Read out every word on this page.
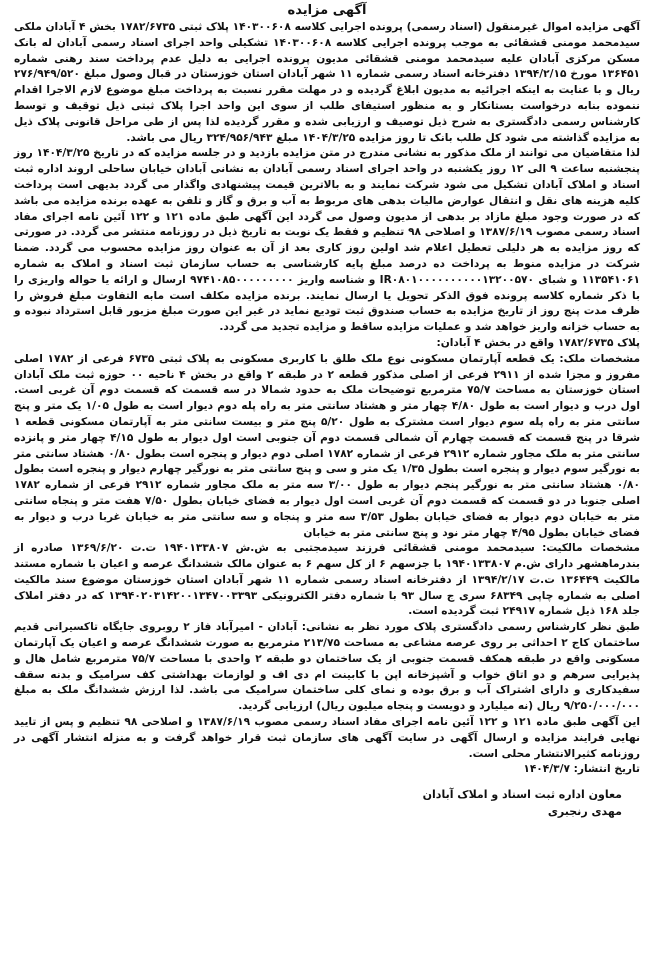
آگهی مزایده

آگهی مزایده اموال غیرمنقول (اسناد رسمی) پرونده اجرایی کلاسه ۱۴۰۳۰۰۶۰۸ پلاک ثبتی ۱۷۸۲/۶۷۳۵ بخش ۴ آبادان ملکی سیدمحمد مومنی قشقائی به موجب پرونده اجرایی کلاسه ۱۴۰۳۰۰۶۰۸ تشکیلی واحد اجرای اسناد رسمی آبادان له بانک مسکن مرکزی آبادان علیه سیدمحمد مومنی قشقائی مدیون پرونده اجرایی به دلیل عدم پرداخت سند رهنی شماره ۱۳۶۴۵۱ مورخ ۱۳۹۴/۲/۱۵ دفترخانه اسناد رسمی شماره ۱۱ شهر آبادان استان خوزستان در قبال وصول مبلغ ۲۷۶/۹۴۹/۵۲۰ ریال و با عنایت به اینکه اجرائیه به مدیون ابلاغ گردیده و در مهلت مقرر نسبت به پرداخت مبلغ موضوع لازم الاجرا اقدام ننموده بنابه درخواست بستانکار و به منظور استیفای طلب از سوی این واحد اجرا پلاک ثبتی ذیل توقیف و توسط کارشناس رسمی دادگستری به شرح ذیل توصیف و ارزیابی شده و مقرر گردیده لذا پس از طی مراحل قانونی پلاک ذیل به مزایده گذاشته می شود کل طلب بانک تا روز مزایده ۱۴۰۴/۳/۲۵ مبلغ ۳۲۴/۹۵۶/۹۴۳ ریال می باشد.

لذا متقاضیان می توانند از ملک مذکور به نشانی مندرج در متن مزایده بازدید و در جلسه مزایده که در تاریخ ۱۴۰۴/۳/۲۵ روز پنجشنبه ساعت ۹ الی ۱۲ روز یکشنبه در واحد اجرای اسناد رسمی آبادان به نشانی آبادان خیابان ساحلی اروند اداره ثبت اسناد و املاک آبادان تشکیل می شود شرکت نمایند و به بالاترین قیمت پیشنهادی واگذار می گردد بدیهی است پرداخت کلیه هزینه های نقل و انتقال عوارض مالیات بدهی های مربوط به آب و برق و گاز و تلفن به عهده برنده مزایده می باشد که در صورت وجود مبلغ مازاد بر بدهی از مدیون وصول می گردد این آگهی طبق ماده ۱۲۱ و ۱۲۲ آئین نامه اجرای مفاد اسناد رسمی مصوب ۱۳۸۷/۶/۱۹ و اصلاحی ۹۸ تنظیم و فقط یک نوبت به تاریخ ذیل در روزنامه منتشر می گردد. در صورتی که روز مزایده به هر دلیلی تعطیل اعلام شد اولین روز کاری بعد از آن به عنوان روز مزایده محسوب می گردد. ضمنا شرکت در مزایده منوط به پرداخت ده درصد مبلغ پایه کارشناسی به حساب سازمان ثبت اسناد و املاک به شماره ۱۱۳۵۴۱۰۶۱ و شبای IR۰۸۰۱۰۰۰۰۰۰۰۰۰۰۱۳۲۰۰۵۷۰ و شناسه واریز ۹۷۴۱۰۸۵۰۰۰۰۰۰۰۰۰ ارسال و ارائه یا حواله واریزی را با ذکر شماره کلاسه پرونده فوق الذکر تحویل یا ارسال نمایند. برنده مزایده مکلف است مابه التفاوت مبلغ فروش را ظرف مدت پنج روز از تاریخ مزایده به حساب صندوق ثبت تودیع نماید در غیر این صورت مبلغ مزبور قابل استرداد نبوده و به حساب خزانه واریز خواهد شد و عملیات مزایده ساقط و مزایده تجدید می گردد.

پلاک ۱۷۸۲/۶۷۳۵ واقع در بخش ۴ آبادان:

مشخصات ملک: یک قطعه آپارتمان مسکونی نوع ملک طلق با کاربری مسکونی به پلاک ثبتی ۶۷۳۵ فرعی از ۱۷۸۲ اصلی مفروز و مجزا شده از ۲۹۱۱ فرعی از اصلی مذکور قطعه ۲ در طبقه ۲ واقع در بخش ۴ ناحیه ۰۰ حوزه ثبت ملک آبادان استان خوزستان به مساحت ۷۵/۷ مترمربع توضیحات ملک به حدود شمالا در سه قسمت که قسمت دوم آن غربی است. اول درب و دیوار است به طول ۴/۸۰ چهار متر و هشتاد سانتی متر به راه پله دوم دیوار است به طول ۱/۰۵ یک متر و پنج سانتی متر به راه پله سوم دیوار است مشترک به طول ۵/۲۰ پنج متر و بیست سانتی متر به آپارتمان مسکونی قطعه ۱ شرقا در پنج قسمت که قسمت چهارم آن شمالی قسمت دوم آن جنوبی است اول دیوار به طول ۴/۱۵ چهار متر و پانزده سانتی متر به ملک مجاور شماره ۲۹۱۲ فرعی از شماره ۱۷۸۲ اصلی دوم دیوار و پنجره است بطول ۰/۸۰ هشتاد سانتی متر به نورگیر سوم دیوار و پنجره است بطول ۱/۳۵ یک متر و سی و پنج سانتی متر به نورگیر چهارم دیوار و پنجره است بطول ۰/۸۰ هشتاد سانتی متر به نورگیر پنجم دیوار به طول ۳/۰۰ سه متر به ملک مجاور شماره ۲۹۱۲ فرعی از شماره ۱۷۸۲ اصلی جنوبا در دو قسمت که قسمت دوم آن غربی است اول دیوار به فضای خیابان بطول ۷/۵۰ هفت متر و پنجاه سانتی متر به خیابان دوم دیوار به فضای خیابان بطول ۳/۵۳ سه متر و پنجاه و سه سانتی متر به خیابان غربا درب و دیوار به فضای خیابان بطول ۴/۹۵ چهار متر نود و پنج سانتی متر به خیابان

مشخصات مالکیت: سیدمحمد مومنی قشقائی فرزند سیدمجتبی به ش.ش ۱۹۴۰۱۳۳۸۰۷ ت.ت ۱۳۶۹/۶/۲۰ صادره از بندرماهشهر دارای ش.م ۱۹۴۰۱۳۳۸۰۷ با جزسهم ۶ از کل سهم ۶ به عنوان مالک ششدانگ عرصه و اعیان با شماره مستند مالکیت ۱۳۶۴۴۹ ت.ت ۱۳۹۴/۲/۱۷ از دفترخانه اسناد رسمی شماره ۱۱ شهر آبادان استان خوزستان موضوع سند مالکیت اصلی به شماره چاپی ۶۸۳۴۹ سری ج سال ۹۳ با شماره دفتر الکترونیکی ۱۳۹۴۰۲۰۳۱۴۲۰۰۱۳۴۷۰۰۳۳۹۳ که در دفتر املاک جلد ۱۶۸ ذیل شماره ۲۴۹۱۷ ثبت گردیده است.

طبق نظر کارشناس رسمی دادگستری پلاک مورد نظر به نشانی: آبادان - امیرآباد فاز ۲ روبروی جایگاه تاکسیرانی قدیم ساختمان کاج ۲ احداثی بر روی عرصه مشاعی به مساحت ۲۱۳/۷۵ مترمربع به صورت ششدانگ عرصه و اعیان یک آپارتمان مسکونی واقع در طبقه همکف قسمت جنوبی از یک ساختمان دو طبقه ۲ واحدی با مساحت ۷۵/۷ مترمربع شامل هال و پذیرایی سرهم و دو اتاق خواب و آشپزخانه اپن با کابینت ام دی اف و لوازمات بهداشتی کف سرامیک و بدنه سقف سفیدکاری و دارای اشتراک آب و برق بوده و نمای کلی ساختمان سرامیک می باشد. لذا ارزش ششدانگ ملک به مبلغ ۹/۲۵۰/۰۰۰/۰۰۰ ریال (نه میلیارد و دویست و پنجاه میلیون ریال) ارزیابی گردید.

این آگهی طبق ماده ۱۲۱ و ۱۲۲ آئین نامه اجرای مفاد اسناد رسمی مصوب ۱۳۸۷/۶/۱۹ و اصلاحی ۹۸ تنظیم و پس از تایید نهایی فرایند مزایده و ارسال آگهی در سایت آگهی های سازمان ثبت قرار خواهد گرفت و به منزله انتشار آگهی در روزنامه کثیرالانتشار محلی است.

تاریخ انتشار: ۱۴۰۴/۳/۷

معاون اداره ثبت اسناد و املاک آبادان
مهدی رنجبری
